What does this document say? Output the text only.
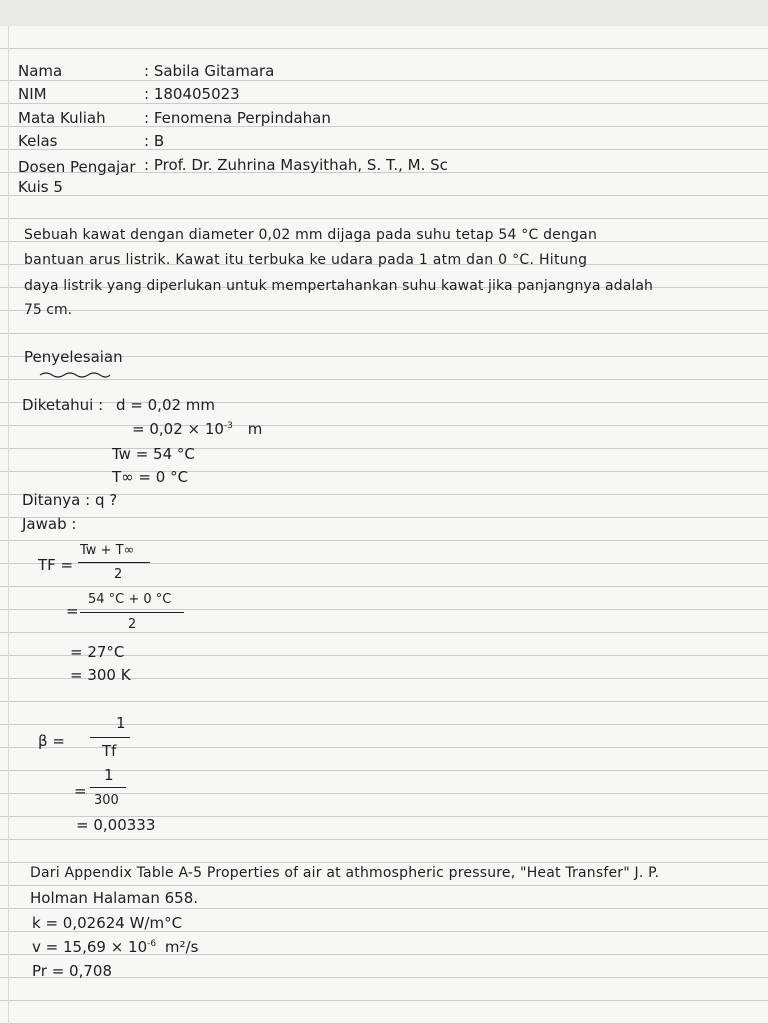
Nama	: Sabila Gitamara
NIM	: 180405023
Mata Kuliah	: Fenomena Perpindahan
Kelas	: B
Dosen Pengajar : Prof. Dr. Zuhrina Masyithah, S. T., M. Sc
Kuis 5
Sebuah kawat dengan diameter 0,02 mm dijaga pada suhu tetap 54 °C dengan
bantuan arus listrik. Kawat itu terbuka ke udara pada 1 atm dan 0 °C. Hitung
daya listrik yang diperlukan untuk mempertahankan suhu kawat jika panjangnya adalah
75 cm.
Penyelesaian
Diketahui : d = 0,02 mm
= $0,02 \times 10^{-3}$ m
Tw = 54 °C
T∞ = 0 °C
Ditanya : q ?
Jawab :
TF =
Tw + T∞
2
=
54 °C + 0 °C
2
= 27°C
= 300 K
β =
1
Tf
=
1
300
= 0,00333
Dari Appendix Table A-5 Properties of air at athmospheric pressure, "Heat Transfer" J. P.
Holman Halaman 658.
k = 0,02624 W/m°C
$v = 15,69 \times 10^{-6}$ m²/s
Pr = 0,708
